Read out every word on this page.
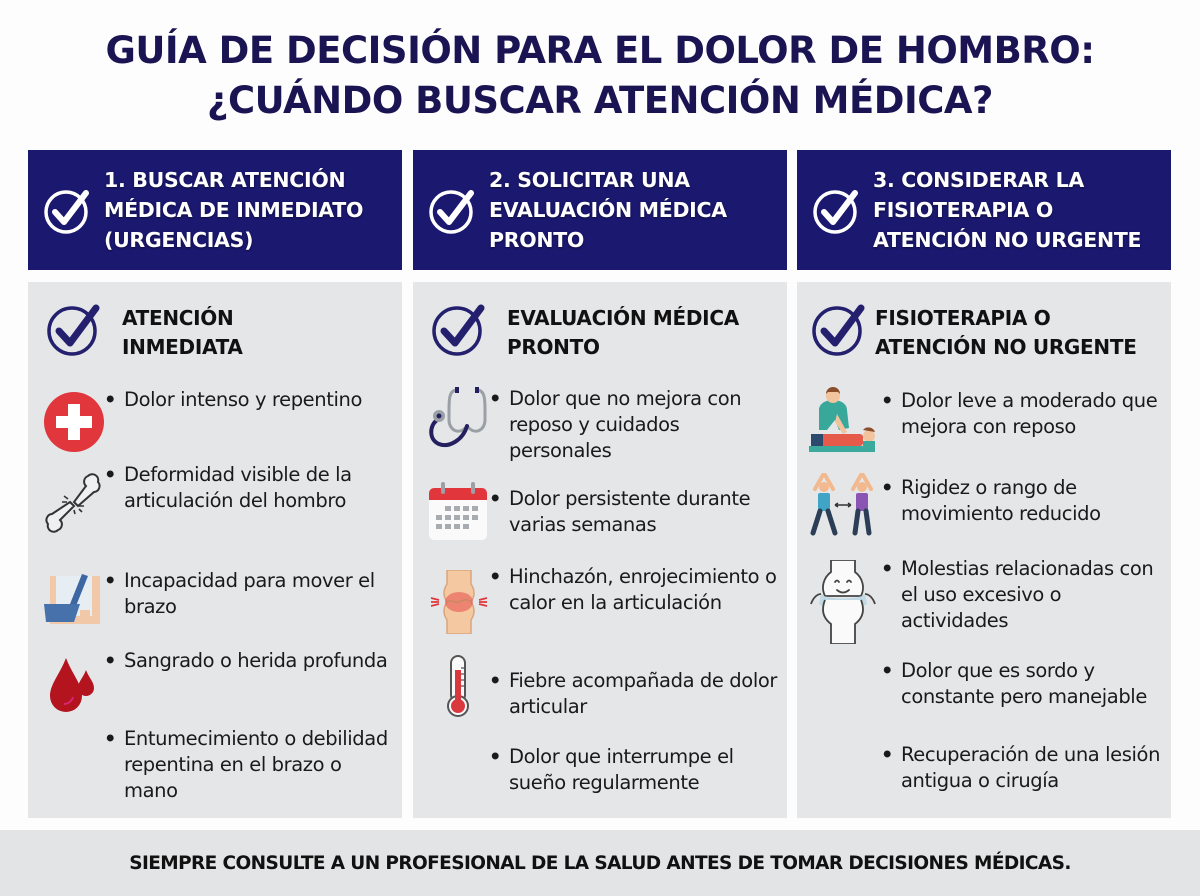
GUÍA DE DECISIÓN PARA EL DOLOR DE HOMBRO:
¿CUÁNDO BUSCAR ATENCIÓN MÉDICA?
1. BUSCAR ATENCIÓN
MÉDICA DE INMEDIATO
(URGENCIAS)
ATENCIÓN
INMEDIATA
• Dolor intenso y repentino
• Deformidad visible de la articulación del hombro
• Incapacidad para mover el brazo
• Sangrado o herida profunda
• Entumecimiento o debilidad repentina en el brazo o mano
2. SOLICITAR UNA
EVALUACIÓN MÉDICA
PRONTO
EVALUACIÓN MÉDICA
PRONTO
• Dolor que no mejora con reposo y cuidados personales
• Dolor persistente durante varias semanas
• Hinchazón, enrojecimiento o calor en la articulación
• Fiebre acompañada de dolor articular
• Dolor que interrumpe el sueño regularmente
3. CONSIDERAR LA
FISIOTERAPIA O
ATENCIÓN NO URGENTE
FISIOTERAPIA O
ATENCIÓN NO URGENTE
• Dolor leve a moderado que mejora con reposo
• Rigidez o rango de movimiento reducido
• Molestias relacionadas con el uso excesivo o actividades
• Dolor que es sordo y constante pero manejable
• Recuperación de una lesión antigua o cirugía
SIEMPRE CONSULTE A UN PROFESIONAL DE LA SALUD ANTES DE TOMAR DECISIONES MÉDICAS.
